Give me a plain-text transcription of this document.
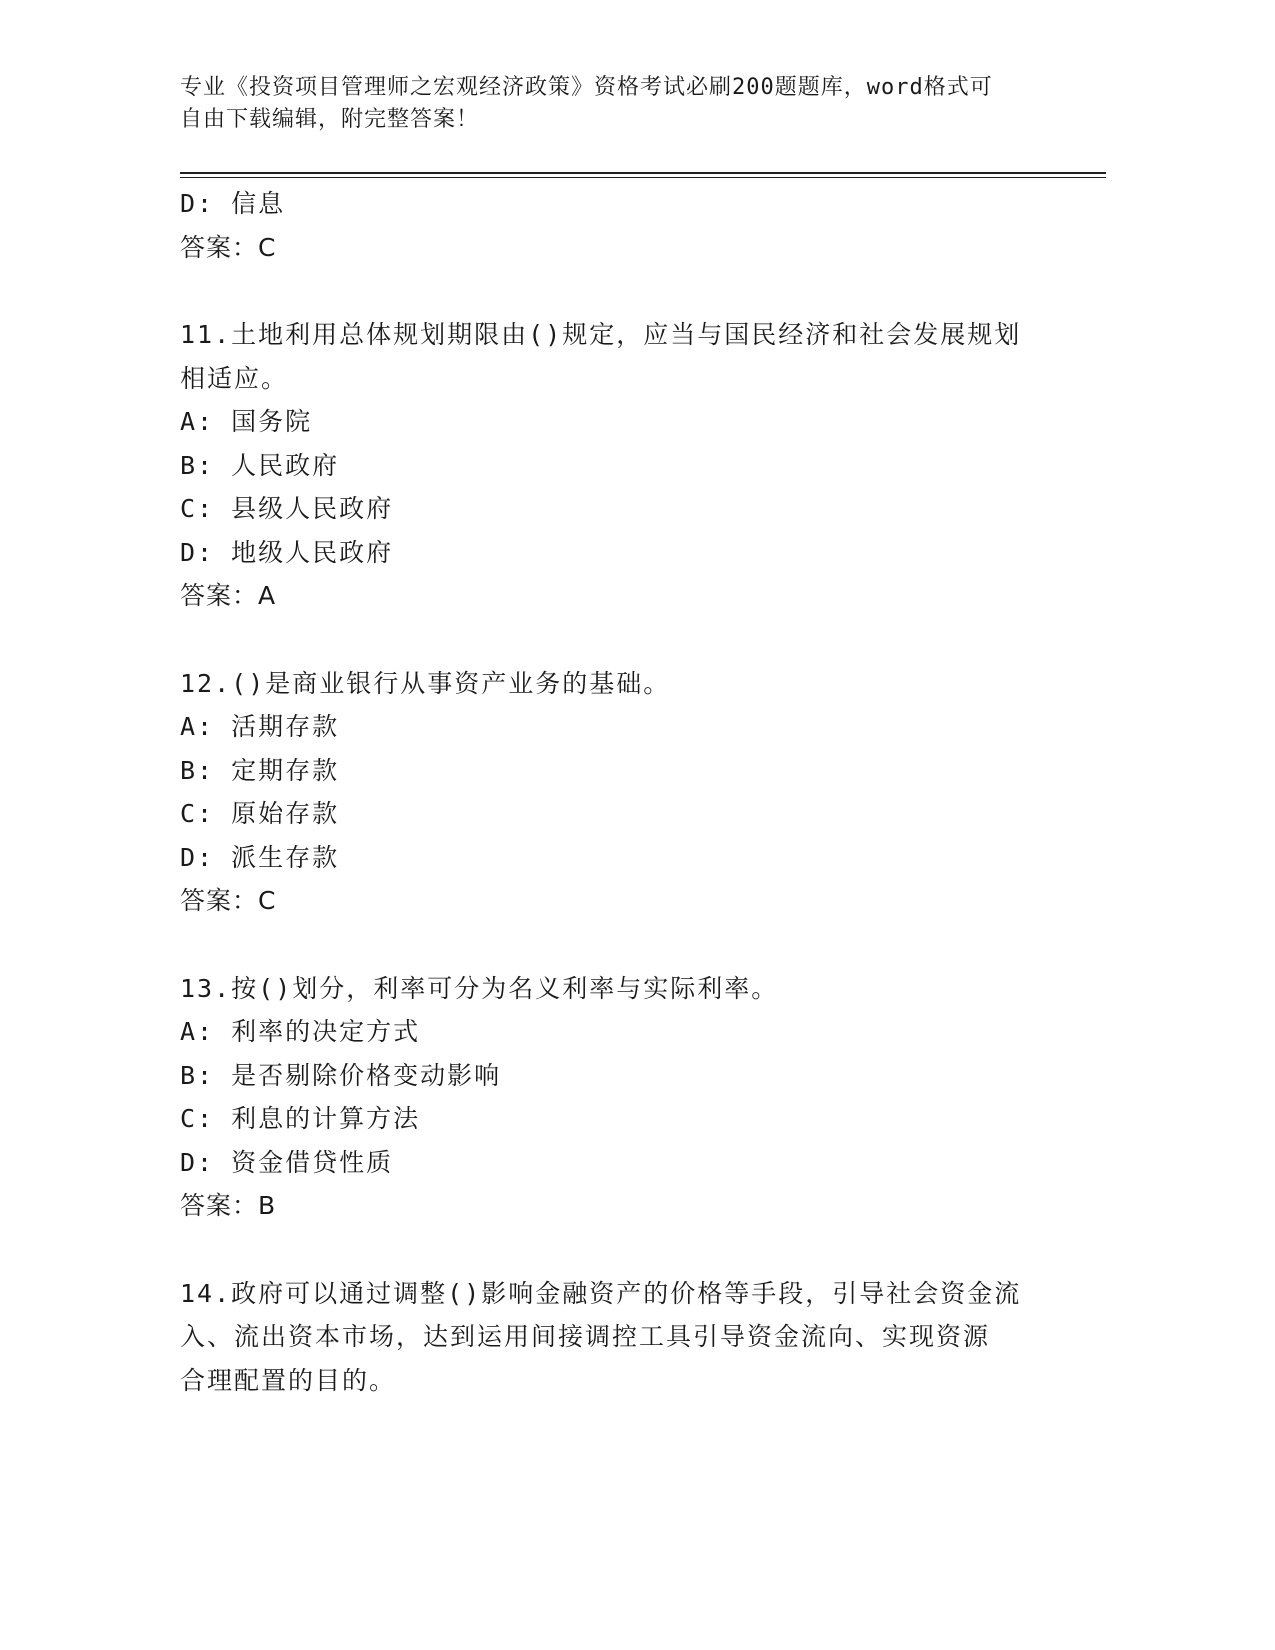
专业《投资项目管理师之宏观经济政策》资格考试必刷200题题库，word格式可
自由下载编辑，附完整答案！
D: 信息
答案：C
11.土地利用总体规划期限由()规定，应当与国民经济和社会发展规划
相适应。
A: 国务院
B: 人民政府
C: 县级人民政府
D: 地级人民政府
答案：A
12.()是商业银行从事资产业务的基础。
A: 活期存款
B: 定期存款
C: 原始存款
D: 派生存款
答案：C
13.按()划分，利率可分为名义利率与实际利率。
A: 利率的决定方式
B: 是否剔除价格变动影响
C: 利息的计算方法
D: 资金借贷性质
答案：B
14.政府可以通过调整()影响金融资产的价格等手段，引导社会资金流
入、流出资本市场，达到运用间接调控工具引导资金流向、实现资源
合理配置的目的。
